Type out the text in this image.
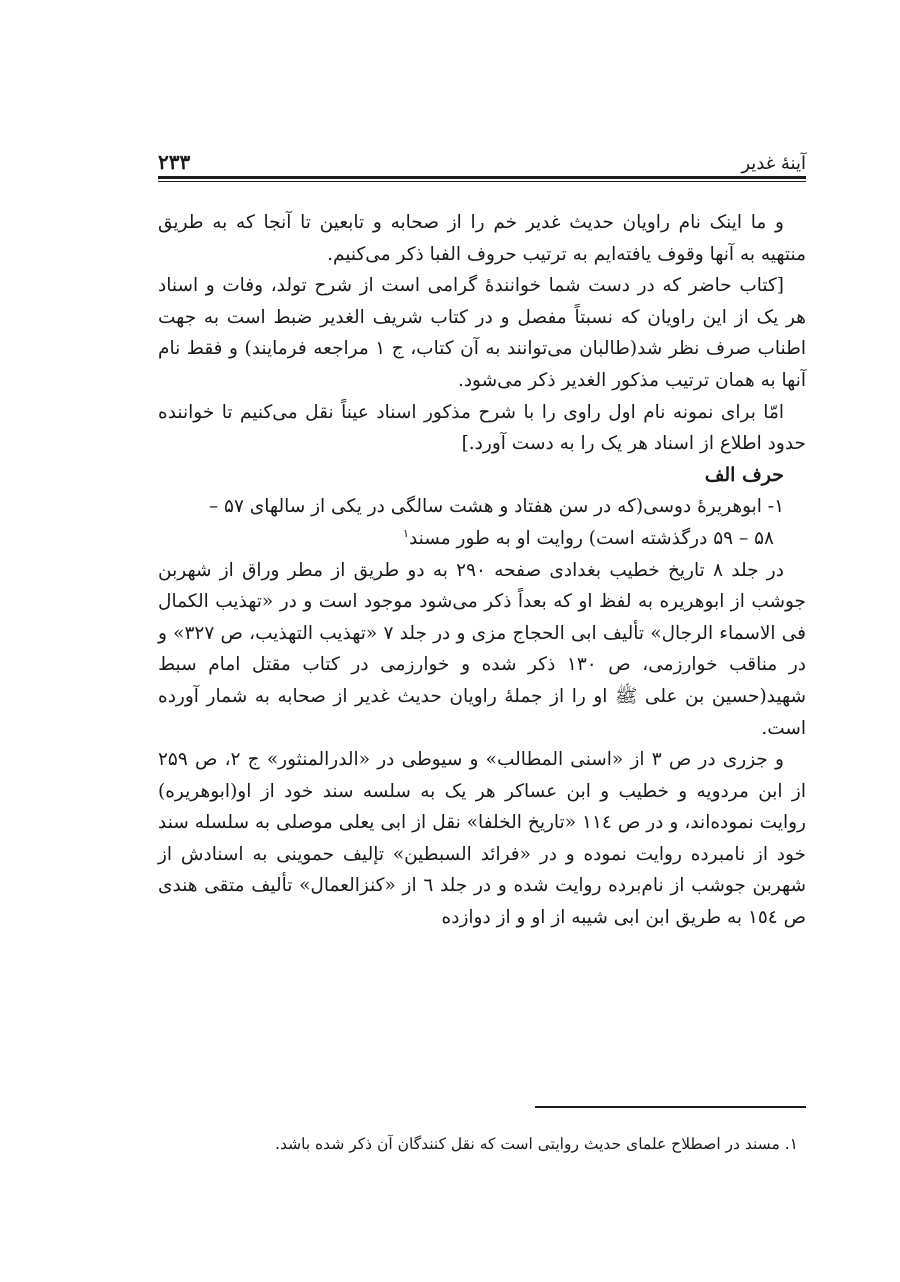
آینهٔ غدیر
۲۳۳

و ما اینک نام راویان حدیث غدیر خم را از صحابه و تابعین تا آنجا که به طریق منتهیه به آنها وقوف یافته‌ایم به ترتیب حروف الفبا ذکر می‌کنیم.

[کتاب حاضر که در دست شما خوانندهٔ گرامی است از شرح تولد، وفات و اسناد هر یک از این راویان که نسبتاً مفصل و در کتاب شریف الغدیر ضبط است به جهت اطناب صرف نظر شد(طالبان می‌توانند به آن کتاب، ج ۱ مراجعه فرمایند) و فقط نام آنها به همان ترتیب مذکور الغدیر ذکر می‌شود.

امّا برای نمونه نام اول راوی را با شرح مذکور اسناد عیناً نقل می‌کنیم تا خواننده حدود اطلاع از اسناد هر یک را به دست آورد.]

حرف الف

۱- ابوهریرهٔ دوسی(که در سن هفتاد و هشت سالگی در یکی از سالهای ۵۷ –
۵۸ – ۵۹ درگذشته است) روایت او به طور مسند$^۱$

در جلد ۸ تاریخ خطیب بغدادی صفحه ۲۹۰ به دو طریق از مطر وراق از شهربن جوشب از ابوهریره به لفظ او که بعداً ذکر می‌شود موجود است و در «تهذیب الکمال فی الاسماء الرجال» تألیف ابی الحجاج مزی و در جلد ۷ «تهذیب التهذیب، ص ۳۲۷» و در مناقب خوارزمی، ص ۱۳۰ ذکر شده و خوارزمی در کتاب مقتل امام سبط شهید(حسین بن علی ﷺ او را از جملهٔ راویان حدیث غدیر از صحابه به شمار آورده است.

و جزری در ص ۳ از «اسنی المطالب» و سیوطی در «الدرالمنثور» ج ۲، ص ۲۵۹ از ابن مردویه و خطیب و ابن عساکر هر یک به سلسه سند خود از او(ابوهریره) روایت نموده‌اند، و در ص ١١٤ «تاریخ الخلفا» نقل از ابی یعلی موصلی به سلسله سند خود از نامبرده روایت نموده و در «فرائد السبطین» تإلیف حموینی به اسنادش از شهربن جوشب از نام‌برده روایت شده و در جلد ٦ از «کنزالعمال» تألیف متقی هندی ص ١٥٤ به طریق ابن ابی شیبه از او و از دوازده

۱. مسند در اصطلاح علمای حدیث روایتی است که نقل کنندگان آن ذکر شده باشد.
